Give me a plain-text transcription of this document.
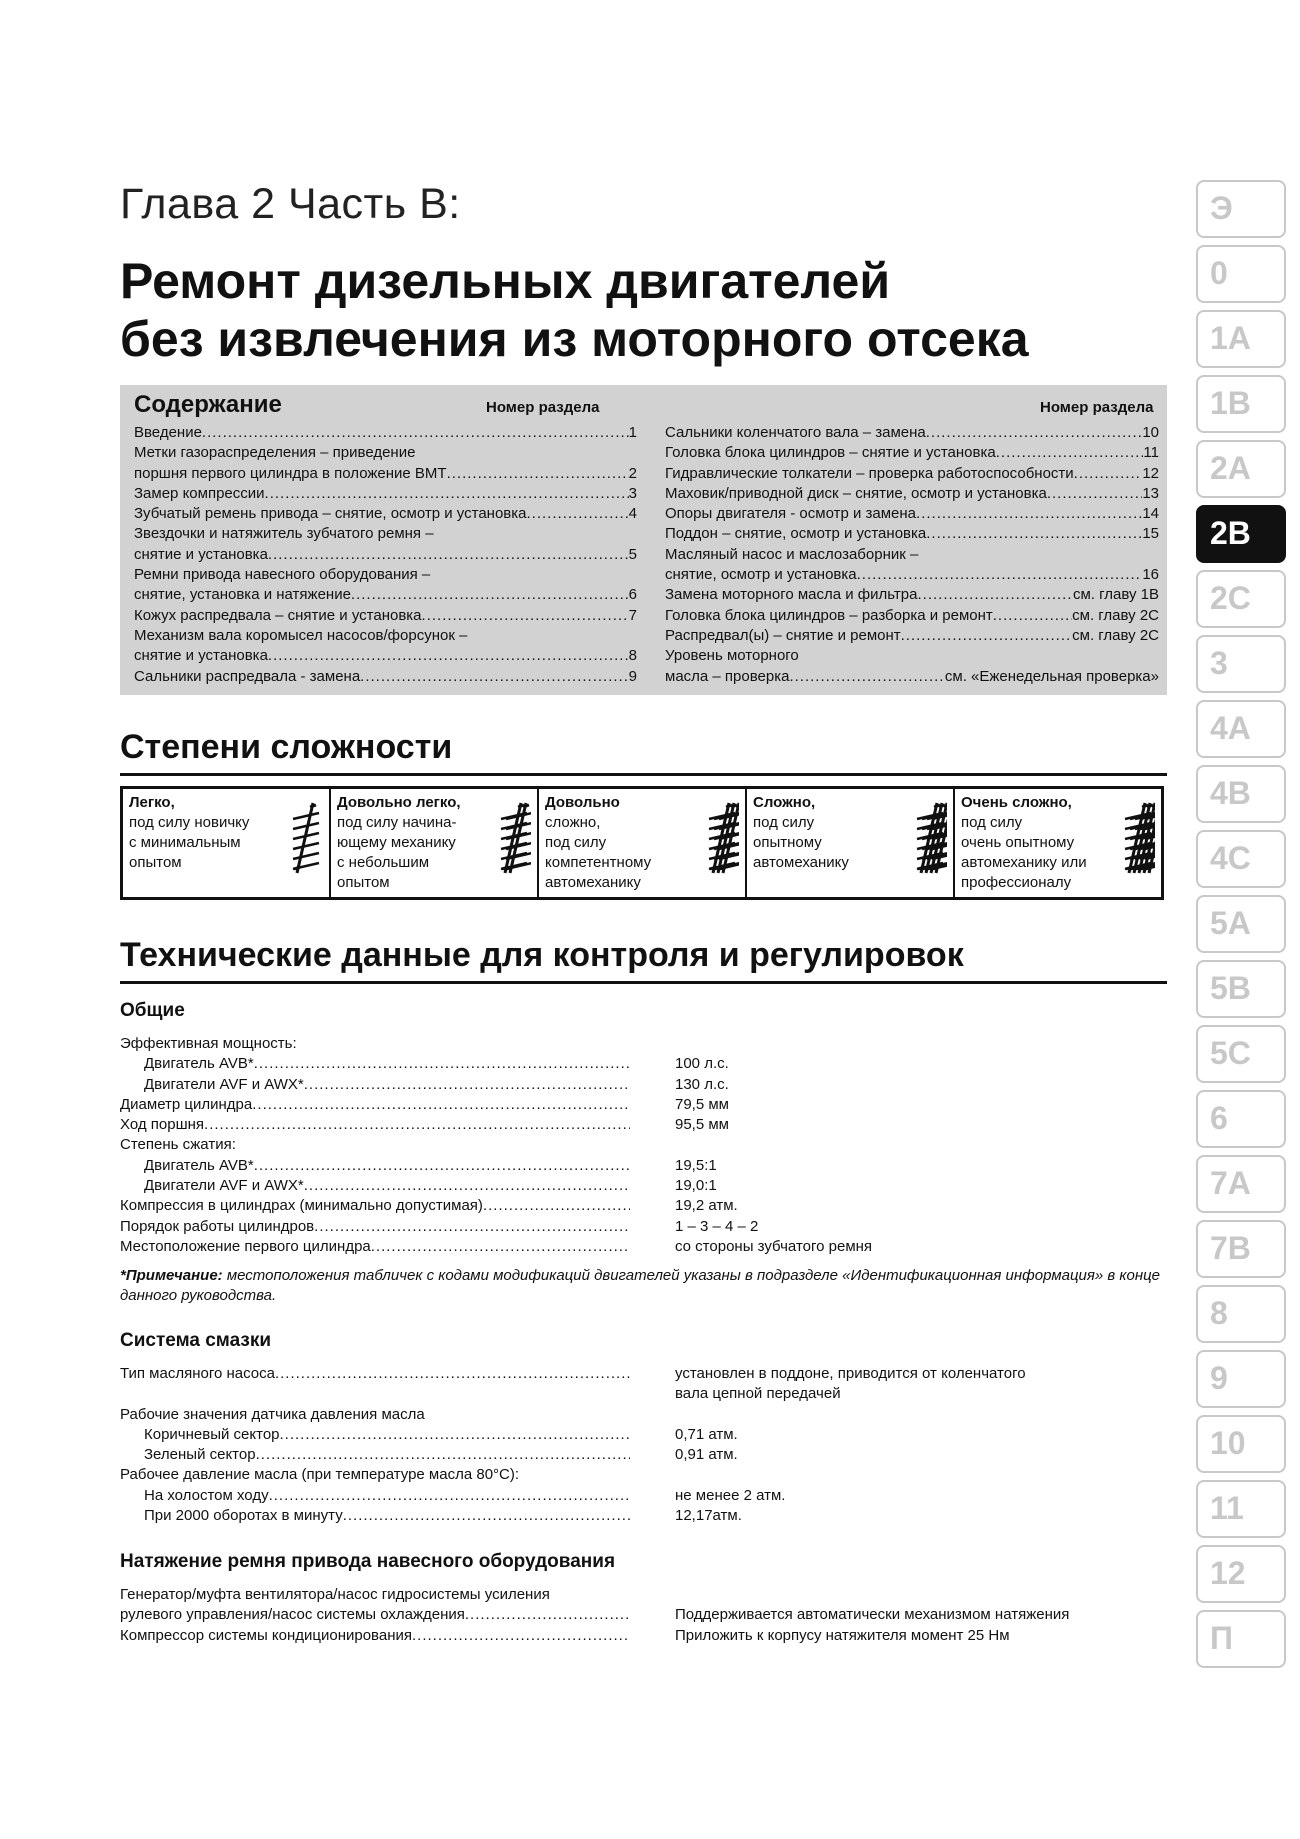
Глава 2 Часть В:
Ремонт дизельных двигателей
без извлечения из моторного отсека
Содержание	Номер раздела	Номер раздела
Введение .....	1
Метки газораспределения – приведение
поршня первого цилиндра в положение ВМТ .....	2
Замер компрессии .....	3
Зубчатый ремень привода – снятие, осмотр и установка .....	4
Звездочки и натяжитель зубчатого ремня –
снятие и установка .....	5
Ремни привода навесного оборудования –
снятие, установка и натяжение .....	6
Кожух распредвала – снятие и установка .....	7
Механизм вала коромысел насосов/форсунок –
снятие и установка .....	8
Сальники распредвала - замена .....	9
Сальники коленчатого вала – замена .....	10
Головка блока цилиндров – снятие и установка .....	11
Гидравлические толкатели – проверка работоспособности .....	12
Маховик/приводной диск – снятие, осмотр и установка .....	13
Опоры двигателя - осмотр и замена .....	14
Поддон – снятие, осмотр и установка .....	15
Масляный насос и маслозаборник –
снятие, осмотр и установка .....	16
Замена моторного масла и фильтра .....	см. главу 1В
Головка блока цилиндров – разборка и ремонт .....	см. главу 2С
Распредвал(ы) – снятие и ремонт .....	см. главу 2С
Уровень моторного
масла – проверка .....	см. «Еженедельная проверка»
Степени сложности
Легко,
под силу новичку
с минимальным
опытом
Довольно легко,
под силу начина-
ющему механику
с небольшим
опытом
Довольно
сложно,
под силу
компетентному
автомеханику
Сложно,
под силу
опытному
автомеханику
Очень сложно,
под силу
очень опытному
автомеханику или
профессионалу
Технические данные для контроля и регулировок
Общие
Эффективная мощность:
Двигатель AVB* .....	100 л.с.
Двигатели AVF и AWX* .....	130 л.с.
Диаметр цилиндра .....	79,5 мм
Ход поршня .....	95,5 мм
Степень сжатия:
Двигатель AVB* .....	19,5:1
Двигатели AVF и AWX* .....	19,0:1
Компрессия в цилиндрах (минимально допустимая) .....	19,2 атм.
Порядок работы цилиндров .....	1 – 3 – 4 – 2
Местоположение первого цилиндра .....	со стороны зубчатого ремня
*Примечание: местоположения табличек с кодами модификаций двигателей указаны в подразделе «Идентификационная информация» в конце данного руководства.
Система смазки
Тип масляного насоса .....	установлен в поддоне, приводится от коленчатого
вала цепной передачей
Рабочие значения датчика давления масла
Коричневый сектор .....	0,71 атм.
Зеленый сектор .....	0,91 атм.
Рабочее давление масла (при температуре масла 80°С):
На холостом ходу .....	не менее 2 атм.
При 2000 оборотах в минуту .....	12,17атм.
Натяжение ремня привода навесного оборудования
Генератор/муфта вентилятора/насос гидросистемы усиления
рулевого управления/насос системы охлаждения .....	Поддерживается автоматически механизмом натяжения
Компрессор системы кондиционирования .....	Приложить к корпусу натяжителя момент 25 Нм
Э
0
1А
1В
2А
2В
2С
3
4А
4В
4С
5А
5В
5С
6
7А
7В
8
9
10
11
12
П
